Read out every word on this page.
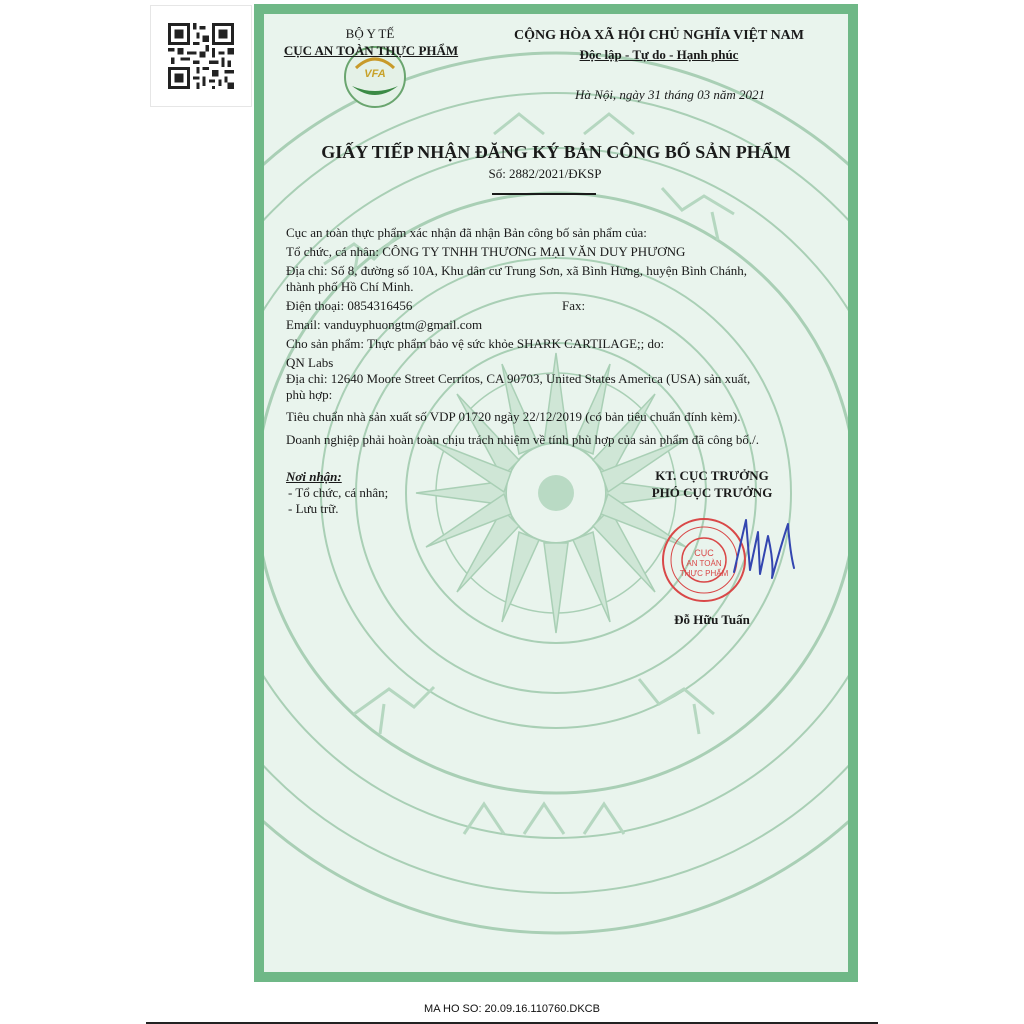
VFA
BỘ Y TẾ
CỤC AN TOÀN THỰC PHẨM
CỘNG HÒA XÃ HỘI CHỦ NGHĨA VIỆT NAM
Độc lập - Tự do - Hạnh phúc
Hà Nội, ngày 31 tháng 03 năm 2021
GIẤY TIẾP NHẬN ĐĂNG KÝ BẢN CÔNG BỐ SẢN PHẨM
Số: 2882/2021/ĐKSP
Cục an toàn thực phẩm xác nhận đã nhận Bản công bố sản phẩm của:
Tổ chức, cá nhân: CÔNG TY TNHH THƯƠNG MẠI VĂN DUY PHƯƠNG
Địa chỉ: Số 8, đường số 10A, Khu dân cư Trung Sơn, xã Bình Hưng, huyện Bình Chánh,
thành phố Hồ Chí Minh.
Điện thoại: 0854316456	Fax:
Email: vanduyphuongtm@gmail.com
Cho sản phẩm: Thực phẩm bảo vệ sức khỏe SHARK CARTILAGE;; do:
QN Labs
Địa chỉ: 12640 Moore Street Cerritos, CA 90703, United States America (USA) sản xuất,
phù hợp:
Tiêu chuẩn nhà sản xuất số VDP 01720 ngày 22/12/2019 (có bản tiêu chuẩn đính kèm).
Doanh nghiệp phải hoàn toàn chịu trách nhiệm về tính phù hợp của sản phẩm đã công bố./.
Nơi nhận:
- Tổ chức, cá nhân;
- Lưu trữ.
KT. CỤC TRƯỞNG
PHÓ CỤC TRƯỞNG
CỤC
AN TOÀN
THỰC PHẨM
Đỗ Hữu Tuấn
MA HO SO: 20.09.16.110760.DKCB
